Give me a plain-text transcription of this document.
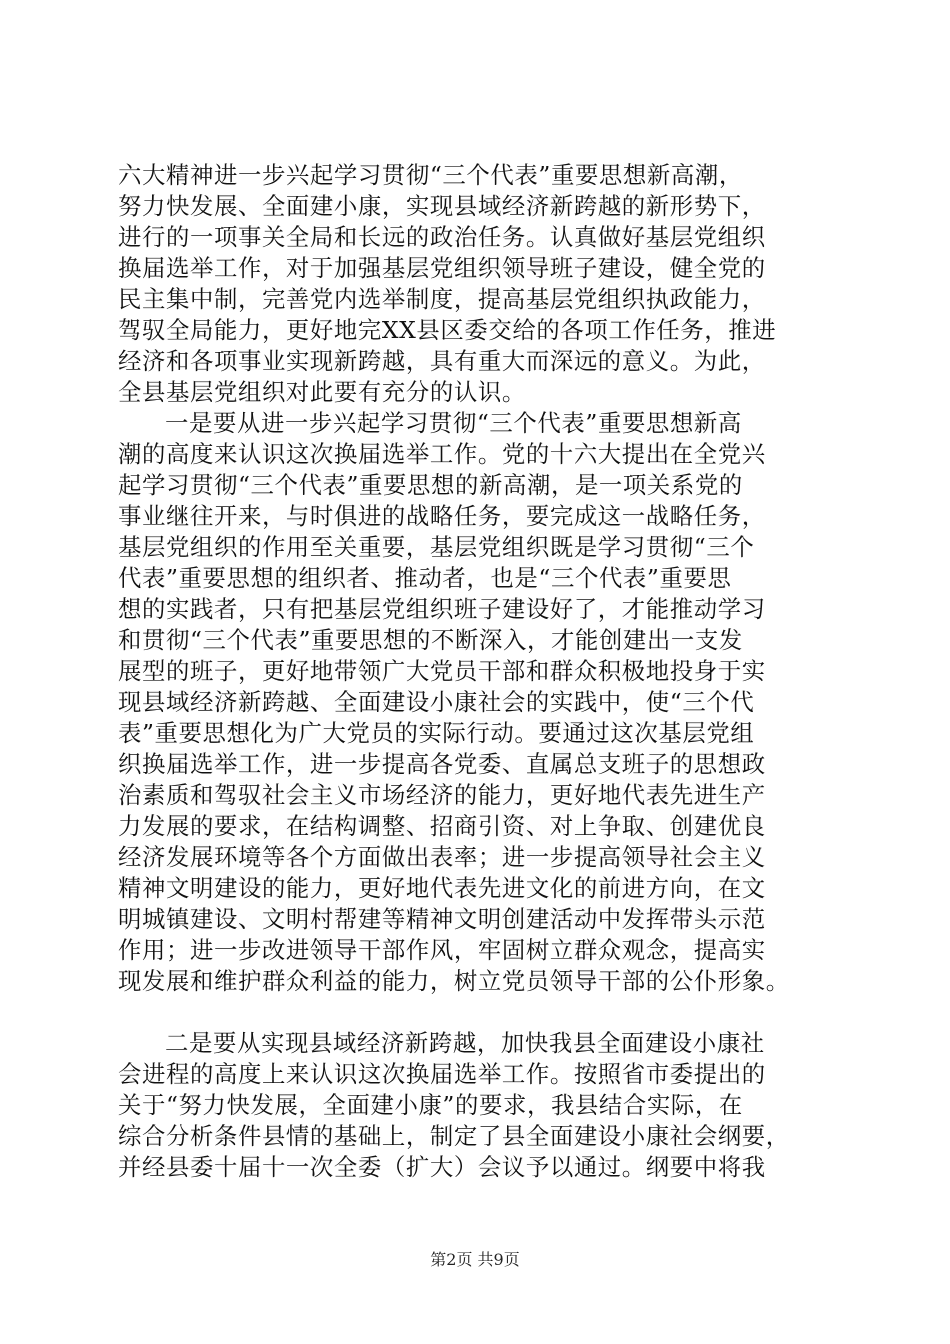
六大精神进一步兴起学习贯彻“三个代表”重要思想新高潮，
努力快发展、全面建小康，实现县域经济新跨越的新形势下，
进行的一项事关全局和长远的政治任务。认真做好基层党组织
换届选举工作，对于加强基层党组织领导班子建设，健全党的
民主集中制，完善党内选举制度，提高基层党组织执政能力，
驾驭全局能力，更好地完XX县区委交给的各项工作任务，推进
经济和各项事业实现新跨越，具有重大而深远的意义。为此，
全县基层党组织对此要有充分的认识。
一是要从进一步兴起学习贯彻“三个代表”重要思想新高
潮的高度来认识这次换届选举工作。党的十六大提出在全党兴
起学习贯彻“三个代表”重要思想的新高潮，是一项关系党的
事业继往开来，与时俱进的战略任务，要完成这一战略任务，
基层党组织的作用至关重要，基层党组织既是学习贯彻“三个
代表”重要思想的组织者、推动者，也是“三个代表”重要思
想的实践者，只有把基层党组织班子建设好了，才能推动学习
和贯彻“三个代表”重要思想的不断深入，才能创建出一支发
展型的班子，更好地带领广大党员干部和群众积极地投身于实
现县域经济新跨越、全面建设小康社会的实践中，使“三个代
表”重要思想化为广大党员的实际行动。要通过这次基层党组
织换届选举工作，进一步提高各党委、直属总支班子的思想政
治素质和驾驭社会主义市场经济的能力，更好地代表先进生产
力发展的要求，在结构调整、招商引资、对上争取、创建优良
经济发展环境等各个方面做出表率；进一步提高领导社会主义
精神文明建设的能力，更好地代表先进文化的前进方向，在文
明城镇建设、文明村帮建等精神文明创建活动中发挥带头示范
作用；进一步改进领导干部作风，牢固树立群众观念，提高实
现发展和维护群众利益的能力，树立党员领导干部的公仆形象。
二是要从实现县域经济新跨越，加快我县全面建设小康社
会进程的高度上来认识这次换届选举工作。按照省市委提出的
关于“努力快发展，全面建小康”的要求，我县结合实际，在
综合分析条件县情的基础上，制定了县全面建设小康社会纲要，
并经县委十届十一次全委（扩大）会议予以通过。纲要中将我
第2页 共9页
